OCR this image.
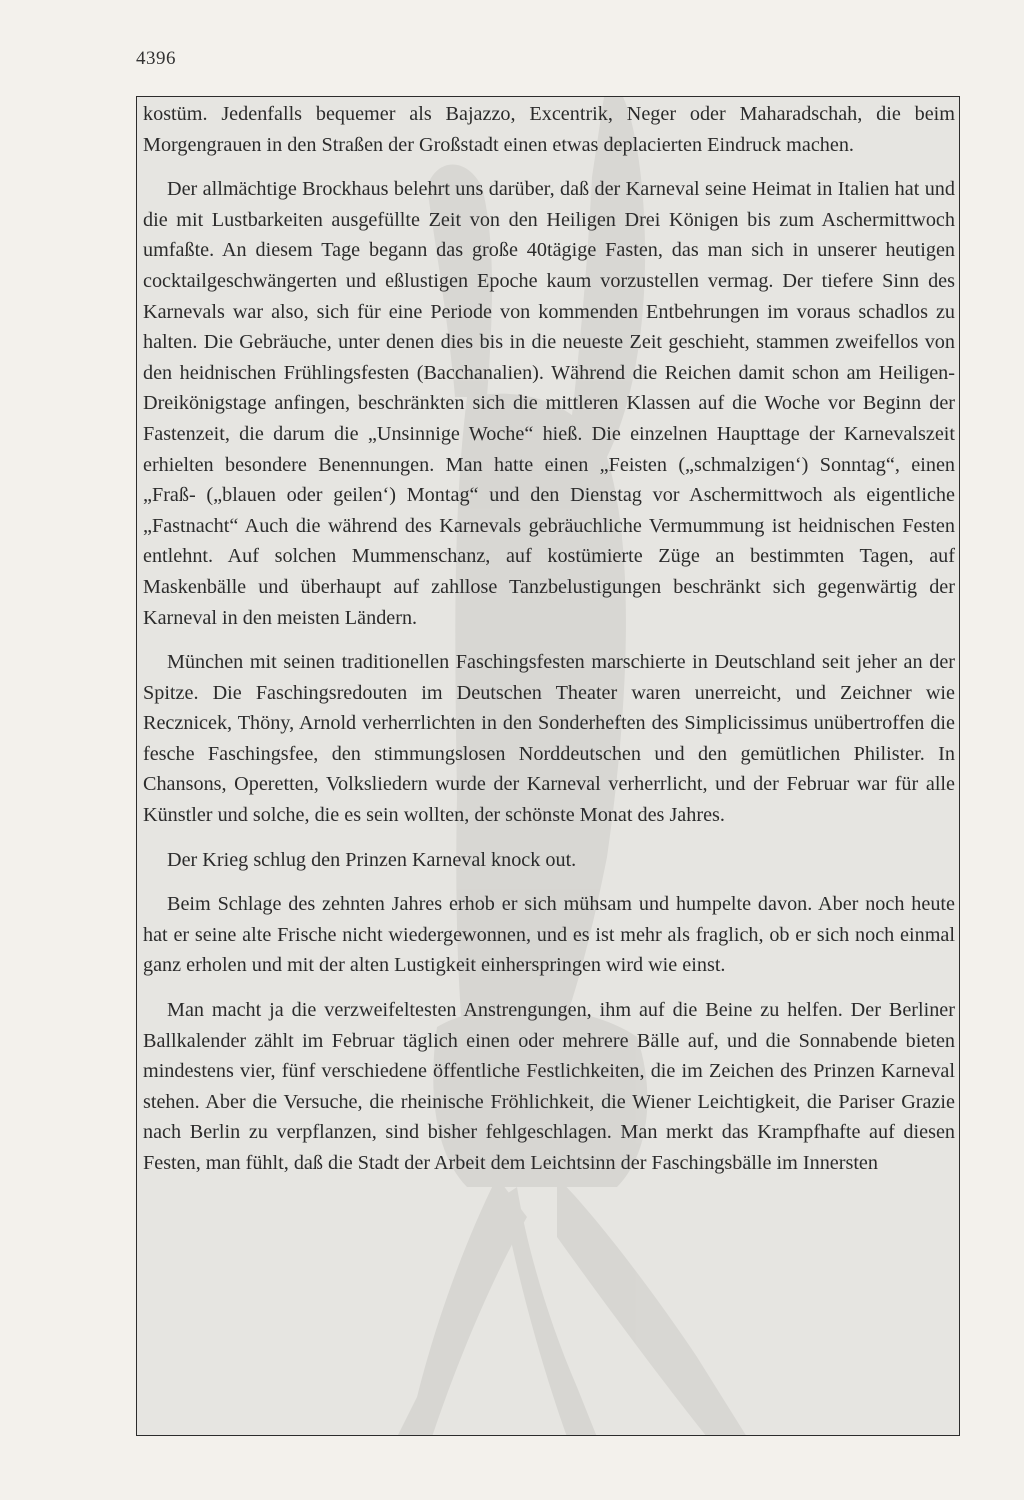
4396

kostüm. Jedenfalls bequemer als Bajazzo, Excentrik, Neger oder Maharadschah, die beim Morgengrauen in den Straßen der Großstadt einen etwas deplacierten Eindruck machen.

Der allmächtige Brockhaus belehrt uns darüber, daß der Karneval seine Heimat in Italien hat und die mit Lustbarkeiten ausgefüllte Zeit von den Heiligen Drei Königen bis zum Aschermittwoch umfaßte. An diesem Tage begann das große 40tägige Fasten, das man sich in unserer heutigen cocktailgeschwängerten und eßlustigen Epoche kaum vorzustellen vermag. Der tiefere Sinn des Karnevals war also, sich für eine Periode von kommenden Entbehrungen im voraus schadlos zu halten. Die Gebräuche, unter denen dies bis in die neueste Zeit geschieht, stammen zweifellos von den heidnischen Frühlingsfesten (Bacchanalien). Während die Reichen damit schon am Heiligen-Dreikönigstage anfingen, beschränkten sich die mittleren Klassen auf die Woche vor Beginn der Fastenzeit, die darum die „Unsinnige Woche“ hieß. Die einzelnen Haupttage der Karnevalszeit erhielten besondere Benennungen. Man hatte einen „Feisten („schmalzigen‘) Sonntag“, einen „Fraß- („blauen oder geilen‘) Montag“ und den Dienstag vor Aschermittwoch als eigentliche „Fastnacht“ Auch die während des Karnevals gebräuchliche Vermummung ist heidnischen Festen entlehnt. Auf solchen Mummenschanz, auf kostümierte Züge an bestimmten Tagen, auf Maskenbälle und überhaupt auf zahllose Tanzbelustigungen beschränkt sich gegenwärtig der Karneval in den meisten Ländern.

München mit seinen traditionellen Faschingsfesten marschierte in Deutschland seit jeher an der Spitze. Die Faschingsredouten im Deutschen Theater waren unerreicht, und Zeichner wie Recznicek, Thöny, Arnold verherrlichten in den Sonderheften des Simplicissimus unübertroffen die fesche Faschingsfee, den stimmungslosen Norddeutschen und den gemütlichen Philister. In Chansons, Operetten, Volksliedern wurde der Karneval verherrlicht, und der Februar war für alle Künstler und solche, die es sein wollten, der schönste Monat des Jahres.

Der Krieg schlug den Prinzen Karneval knock out.

Beim Schlage des zehnten Jahres erhob er sich mühsam und humpelte davon. Aber noch heute hat er seine alte Frische nicht wiedergewonnen, und es ist mehr als fraglich, ob er sich noch einmal ganz erholen und mit der alten Lustigkeit einherspringen wird wie einst.

Man macht ja die verzweifeltesten Anstrengungen, ihm auf die Beine zu helfen. Der Berliner Ballkalender zählt im Februar täglich einen oder mehrere Bälle auf, und die Sonnabende bieten mindestens vier, fünf verschiedene öffentliche Festlichkeiten, die im Zeichen des Prinzen Karneval stehen. Aber die Versuche, die rheinische Fröhlichkeit, die Wiener Leichtigkeit, die Pariser Grazie nach Berlin zu verpflanzen, sind bisher fehlgeschlagen. Man merkt das Krampfhafte auf diesen Festen, man fühlt, daß die Stadt der Arbeit dem Leichtsinn der Faschingsbälle im Innersten
